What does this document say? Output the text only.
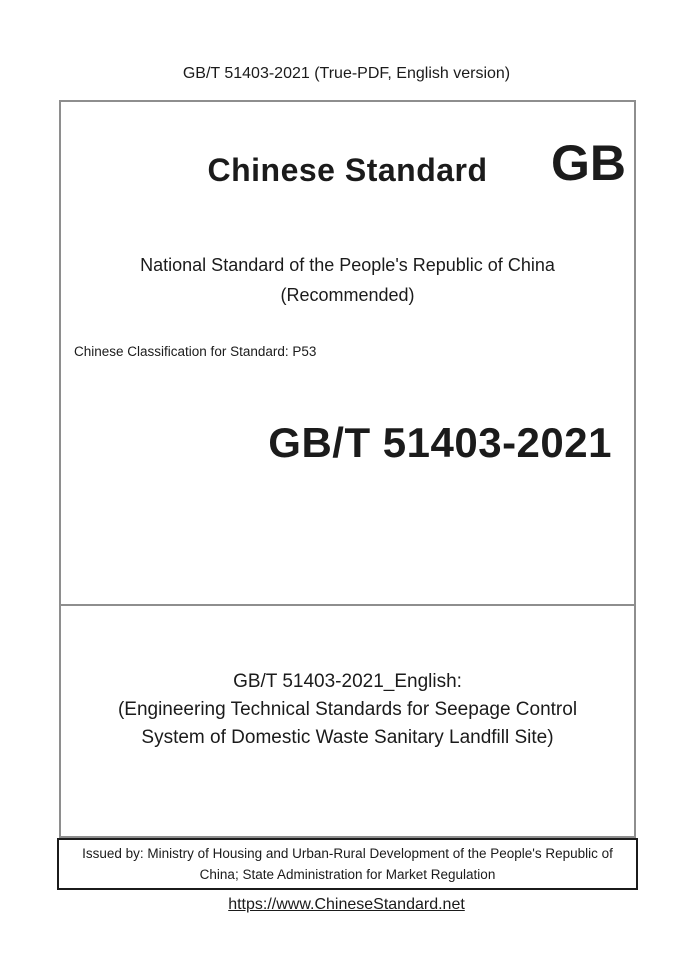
GB/T 51403-2021 (True-PDF, English version)
Chinese Standard	GB
National Standard of the People's Republic of China
(Recommended)
Chinese Classification for Standard: P53
GB/T 51403-2021
GB/T 51403-2021_English:
(Engineering Technical Standards for Seepage Control
System of Domestic Waste Sanitary Landfill Site)
Issued by: Ministry of Housing and Urban-Rural Development of the People's Republic of
China; State Administration for Market Regulation
https://www.ChineseStandard.net
